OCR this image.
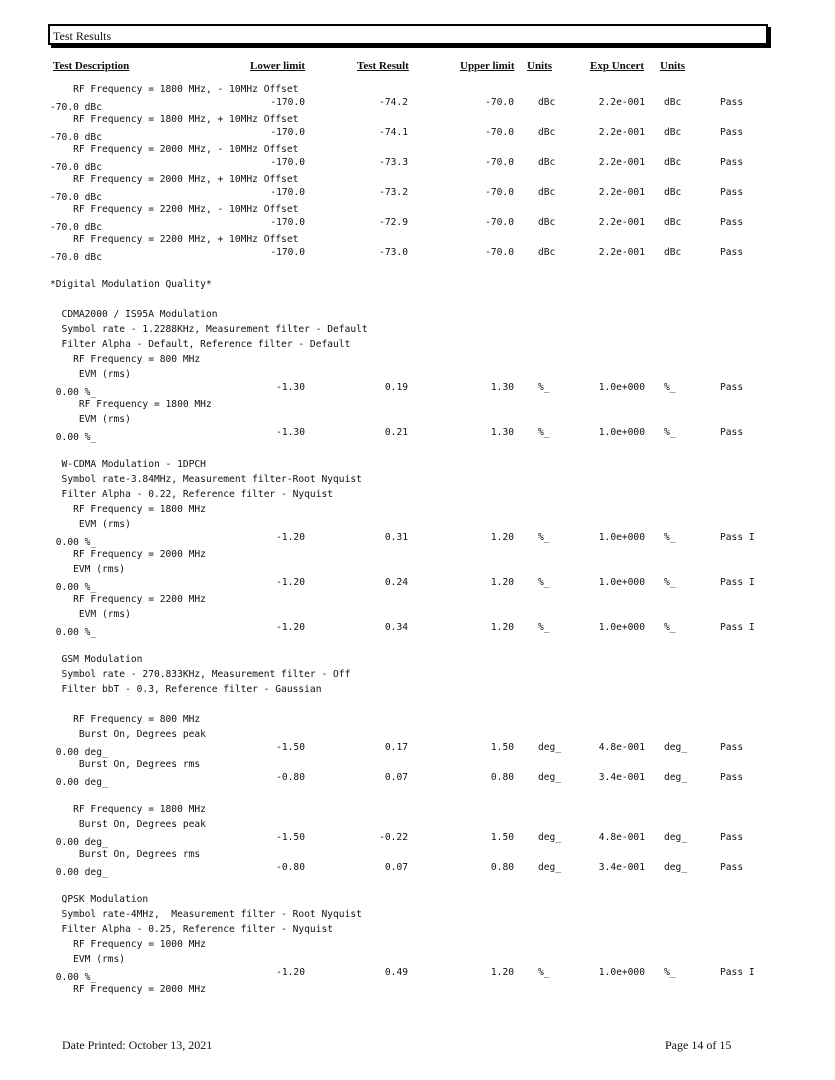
Test Results
Test Description	Lower limit	Test Result	Upper limit Units	Exp Uncert Units
RF Frequency = 1800 MHz, - 10MHz Offset
-70.0 dBc	-170.0	-74.2	-70.0	dBc	2.2e-001 dBc	Pass
RF Frequency = 1800 MHz, + 10MHz Offset
-70.0 dBc	-170.0	-74.1	-70.0	dBc	2.2e-001 dBc	Pass
RF Frequency = 2000 MHz, - 10MHz Offset
-70.0 dBc	-170.0	-73.3	-70.0	dBc	2.2e-001 dBc	Pass
RF Frequency = 2000 MHz, + 10MHz Offset
-70.0 dBc	-170.0	-73.2	-70.0	dBc	2.2e-001 dBc	Pass
RF Frequency = 2200 MHz, - 10MHz Offset
-70.0 dBc	-170.0	-72.9	-70.0	dBc	2.2e-001 dBc	Pass
RF Frequency = 2200 MHz, + 10MHz Offset
-70.0 dBc	-170.0	-73.0	-70.0	dBc	2.2e-001 dBc	Pass
*Digital Modulation Quality*
CDMA2000 / IS95A Modulation
Symbol rate - 1.2288KHz, Measurement filter - Default
Filter Alpha - Default, Reference filter - Default
RF Frequency = 800 MHz
EVM (rms)
0.00 %_	-1.30	0.19	1.30	%_	1.0e+000 %_	Pass
RF Frequency = 1800 MHz
EVM (rms)
0.00 %_	-1.30	0.21	1.30	%_	1.0e+000 %_	Pass
W-CDMA Modulation - 1DPCH
Symbol rate-3.84MHz, Measurement filter-Root Nyquist
Filter Alpha - 0.22, Reference filter - Nyquist
RF Frequency = 1800 MHz
EVM (rms)
0.00 %_	-1.20	0.31	1.20	%_	1.0e+000 %_	Pass I
RF Frequency = 2000 MHz
EVM (rms)
0.00 %_	-1.20	0.24	1.20	%_	1.0e+000 %_	Pass I
RF Frequency = 2200 MHz
EVM (rms)
0.00 %_	-1.20	0.34	1.20	%_	1.0e+000 %_	Pass I
GSM Modulation
Symbol rate - 270.833KHz, Measurement filter - Off
Filter bbT - 0.3, Reference filter - Gaussian
RF Frequency = 800 MHz
Burst On, Degrees peak
0.00 deg_	-1.50	0.17	1.50	deg_	4.8e-001 deg_	Pass
Burst On, Degrees rms
0.00 deg_	-0.80	0.07	0.80	deg_	3.4e-001 deg_	Pass
RF Frequency = 1800 MHz
Burst On, Degrees peak
0.00 deg_	-1.50	-0.22	1.50	deg_	4.8e-001 deg_	Pass
Burst On, Degrees rms
0.00 deg_	-0.80	0.07	0.80	deg_	3.4e-001 deg_	Pass
QPSK Modulation
Symbol rate-4MHz,  Measurement filter - Root Nyquist
Filter Alpha - 0.25, Reference filter - Nyquist
RF Frequency = 1000 MHz
EVM (rms)
0.00 %_	-1.20	0.49	1.20	%_	1.0e+000 %_	Pass I
RF Frequency = 2000 MHz
Date Printed: October 13, 2021	Page 14 of 15
